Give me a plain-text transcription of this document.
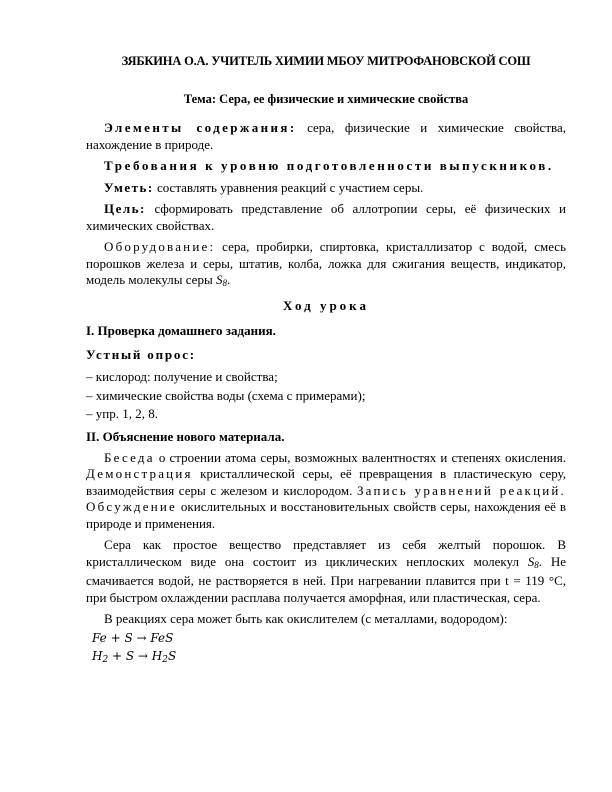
ЗЯБКИНА О.А. УЧИТЕЛЬ ХИМИИ МБОУ МИТРОФАНОВСКОЙ СОШ
Тема: Сера, ее физические и химические свойства
Элементы содержания: сера, физические и химические свойства, нахождение в природе.
Требования к уровню подготовленности выпускников.
Уметь: составлять уравнения реакций с участием серы.
Цель: сформировать представление об аллотропии серы, её физических и химических свойствах.
Оборудование: сера, пробирки, спиртовка, кристаллизатор с водой, смесь порошков железа и серы, штатив, колба, ложка для сжигания веществ, индикатор, модель молекулы серы $S_8$.
Ход урока
I. Проверка домашнего задания.
Устный опрос:
– кислород: получение и свойства;
– химические свойства воды (схема с примерами);
– упр. 1, 2, 8.
II. Объяснение нового материала.
Беседа о строении атома серы, возможных валентностях и степенях окисления. Демонстрация кристаллической серы, её превращения в пластическую серу, взаимодействия серы с железом и кислородом. Запись уравнений реакций. Обсуждение окислительных и восстановительных свойств серы, нахождения её в природе и применения.
Сера как простое вещество представляет из себя желтый порошок. В кристаллическом виде она состоит из циклических неплоских молекул $S_8$. Не смачивается водой, не растворяется в ней. При нагревании плавится при t = 119 °С, при быстром охлаждении расплава получается аморфная, или пластическая, сера.
В реакциях сера может быть как окислителем (с металлами, водородом):
Fe + S → FeS
$H_2 + S \to H_2S$
